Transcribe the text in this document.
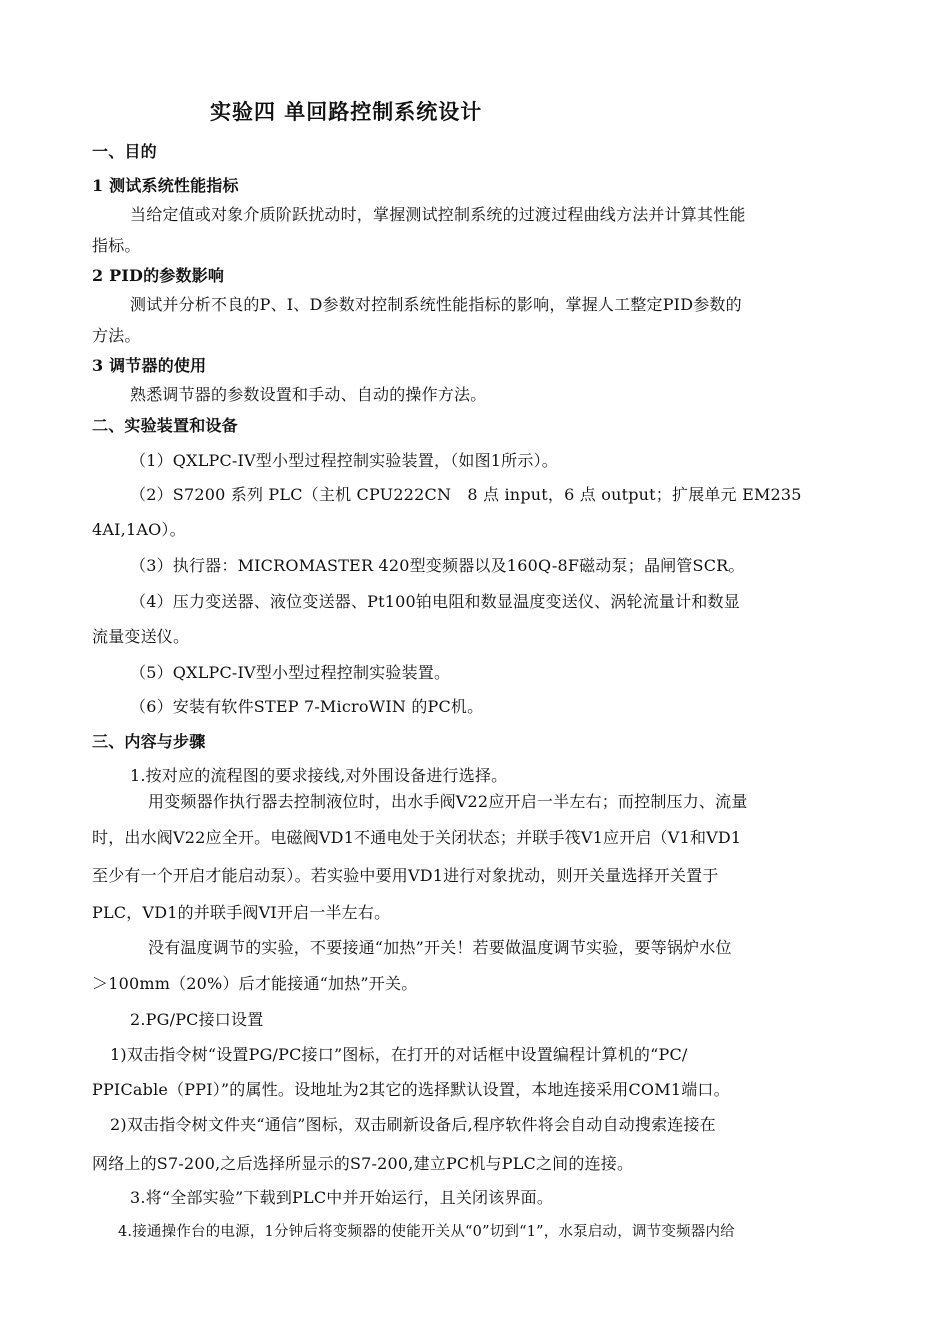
实验四 单回路控制系统设计
一、目的
1 测试系统性能指标
当给定值或对象介质阶跃扰动时，掌握测试控制系统的过渡过程曲线方法并计算其性能
指标。
2 PID的参数影响
测试并分析不良的P、I、D参数对控制系统性能指标的影响，掌握人工整定PID参数的
方法。
3 调节器的使用
熟悉调节器的参数设置和手动、自动的操作方法。
二、实验装置和设备
（1）QXLPC-IV型小型过程控制实验装置，（如图1所示）。
（2）S7200 系列 PLC（主机 CPU222CN　8 点 input，6 点 output；扩展单元 EM235
4AI,1AO）。
（3）执行器：MICROMASTER 420型变频器以及160Q-8F磁动泵；晶闸管SCR。
（4）压力变送器、液位变送器、Pt100铂电阻和数显温度变送仪、涡轮流量计和数显
流量变送仪。
（5）QXLPC-IV型小型过程控制实验装置。
（6）安装有软件STEP 7-MicroWIN 的PC机。
三、内容与步骤
1.按对应的流程图的要求接线,对外围设备进行选择。
用变频器作执行器去控制液位时，出水手阀V22应开启一半左右；而控制压力、流量
时，出水阀V22应全开。电磁阀VD1不通电处于关闭状态；并联手筏V1应开启（V1和VD1
至少有一个开启才能启动泵）。若实验中要用VD1进行对象扰动，则开关量选择开关置于
PLC，VD1的并联手阀VI开启一半左右。
没有温度调节的实验，不要接通“加热”开关！若要做温度调节实验，要等锅炉水位
＞100mm（20%）后才能接通“加热”开关。
2.PG/PC接口设置
1)双击指令树“设置PG/PC接口”图标，在打开的对话框中设置编程计算机的“PC/
PPICable（PPI）”的属性。设地址为2其它的选择默认设置，本地连接采用COM1端口。
2)双击指令树文件夹“通信”图标，双击刷新设备后,程序软件将会自动自动搜索连接在
网络上的S7-200,之后选择所显示的S7-200,建立PC机与PLC之间的连接。
3.将“全部实验”下载到PLC中并开始运行，且关闭该界面。
4.接通操作台的电源，1分钟后将变频器的使能开关从“0”切到“1”，水泵启动，调节变频器内给
